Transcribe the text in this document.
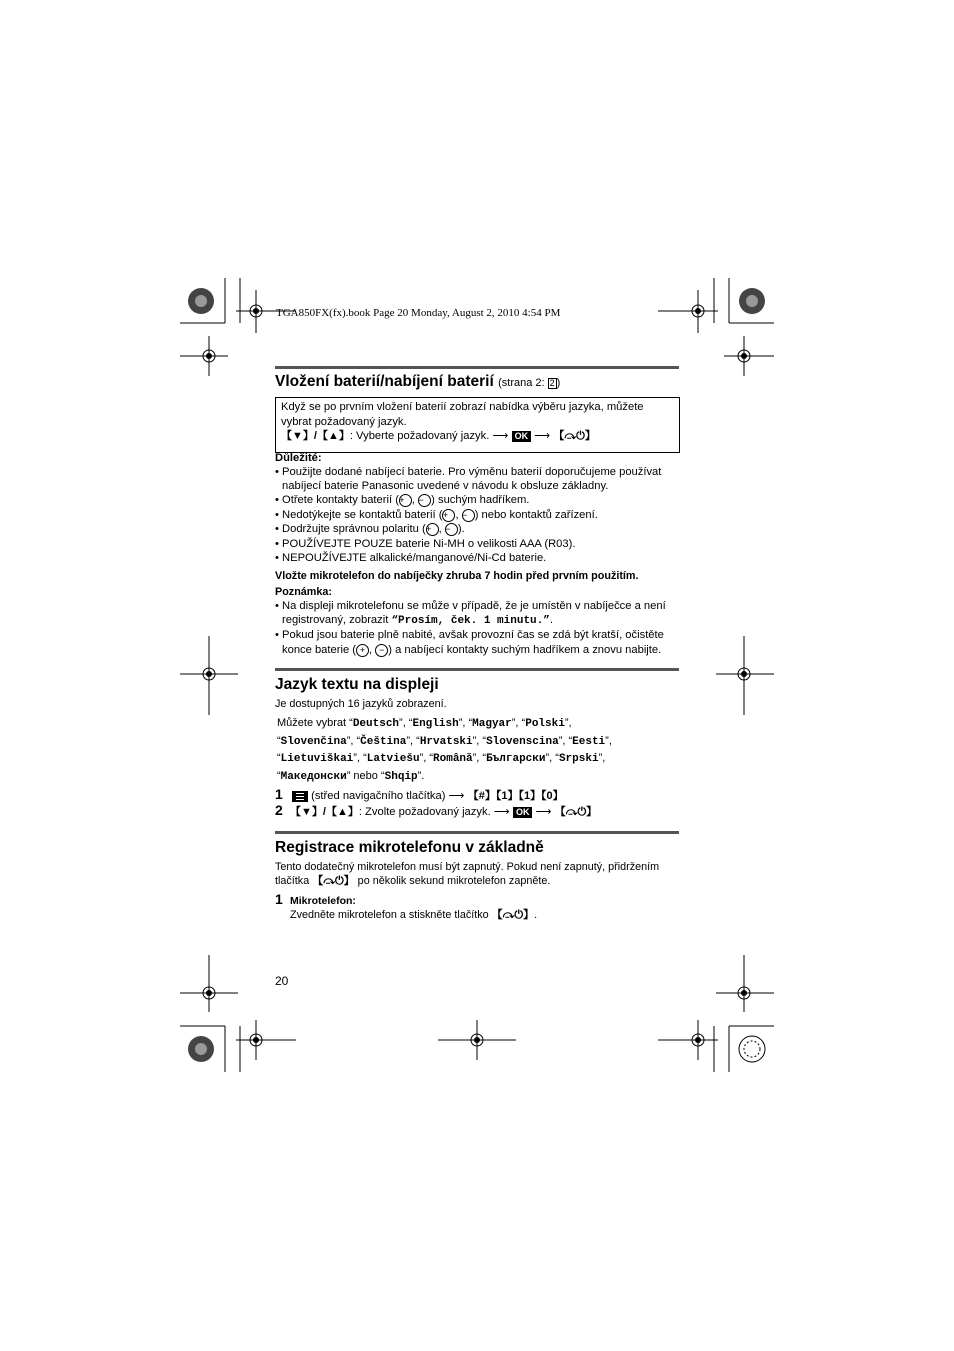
TGA850FX(fx).book Page 20 Monday, August 2, 2010 4:54 PM
Vložení baterií/nabíjení baterií (strana 2: 2 )
Když se po prvním vložení baterií zobrazí nabídka výběru jazyka, můžete
vybrat požadovaný jazyk.
【▼】/【▲】: Vyberte požadovaný jazyk. ⟶ OK ⟶ 【⤼⏻】
Důležité:
• Použijte dodané nabíjecí baterie. Pro výměnu baterií doporučujeme používat
nabíjecí baterie Panasonic uvedené v návodu k obsluze základny.
• Otřete kontakty baterií (+ , − ) suchým hadříkem.
• Nedotýkejte se kontaktů baterií (+ , − ) nebo kontaktů zařízení.
• Dodržujte správnou polaritu (+ , − ).
• POUŽÍVEJTE POUZE baterie Ni-MH o velikosti AAA (R03).
• NEPOUŽÍVEJTE alkalické/manganové/Ni-Cd baterie.
Vložte mikrotelefon do nabíječky zhruba 7 hodin před prvním použitím.
Poznámka:
• Na displeji mikrotelefonu se může v případě, že je umístěn v nabíječce a není
registrovaný, zobrazit “Prosím, ček. 1 minutu.”.
• Pokud jsou baterie plně nabité, avšak provozní čas se zdá být kratší, očistěte
konce baterie ( + , − ) a nabíjecí kontakty suchým hadříkem a znovu nabijte.
Jazyk textu na displeji
Je dostupných 16 jazyků zobrazení.
Můžete vybrat “Deutsch”, “English”, “Magyar”, “Polski”,
“Slovenčina”, “Čeština”, “Hrvatski”, “Slovenscina”, “Eesti”,
“Lietuviškai”, “Latviešu”, “Română”, “Български”, “Srpski”,
“Македонски” nebo “Shqip”.
1	(střed navigačního tlačítka) ⟶ 【#】【1】【1】【0】
2 【▼】/【▲】: Zvolte požadovaný jazyk. ⟶ OK ⟶ 【⤼⏻】
Registrace mikrotelefonu v základně
Tento dodatečný mikrotelefon musí být zapnutý. Pokud není zapnutý, přidržením
tlačítka 【⤼⏻】 po několik sekund mikrotelefon zapněte.
1 Mikrotelefon:
Zvedněte mikrotelefon a stiskněte tlačítko 【⤼⏻】.
20
